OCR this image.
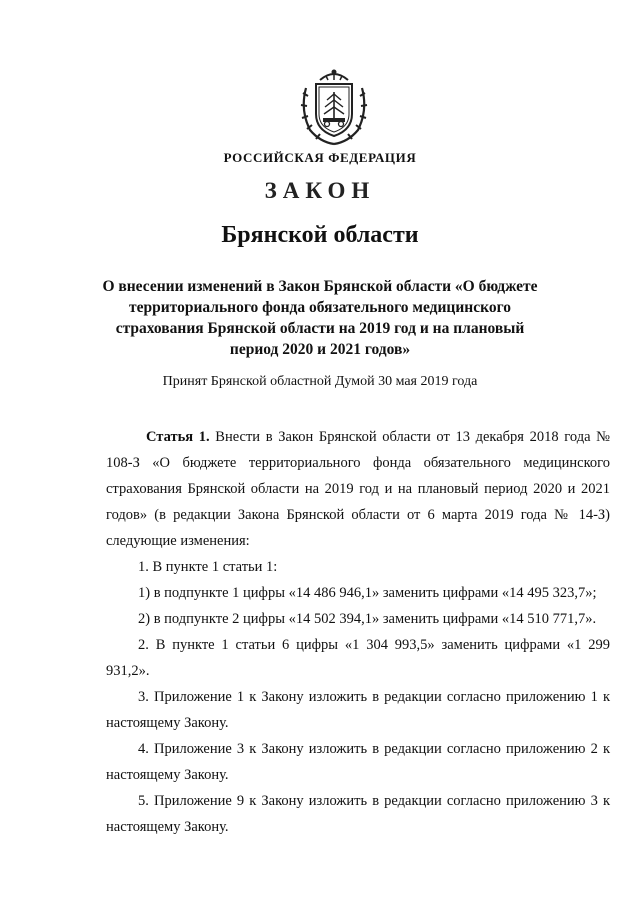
РОССИЙСКАЯ ФЕДЕРАЦИЯ
ЗАКОН
Брянской области
О внесении изменений в Закон Брянской области «О бюджете
территориального фонда обязательного медицинского
страхования Брянской области на 2019 год и на плановый
период 2020 и 2021 годов»
Принят Брянской областной Думой 30 мая 2019 года

Статья 1. Внести в Закон Брянской области от 13 декабря 2018 года № 108-З «О бюджете территориального фонда обязательного медицинского страхования Брянской области на 2019 год и на плановый период 2020 и 2021 годов» (в редакции Закона Брянской области от 6 марта 2019 года № 14-З) следующие изменения:

1. В пункте 1 статьи 1:

1) в подпункте 1 цифры «14 486 946,1» заменить цифрами «14 495 323,7»;

2) в подпункте 2 цифры «14 502 394,1» заменить цифрами «14 510 771,7».

2. В пункте 1 статьи 6 цифры «1 304 993,5» заменить цифрами «1 299 931,2».

3. Приложение 1 к Закону изложить в редакции согласно приложению 1 к настоящему Закону.

4. Приложение 3 к Закону изложить в редакции согласно приложению 2 к настоящему Закону.

5. Приложение 9 к Закону изложить в редакции согласно приложению 3 к настоящему Закону.
